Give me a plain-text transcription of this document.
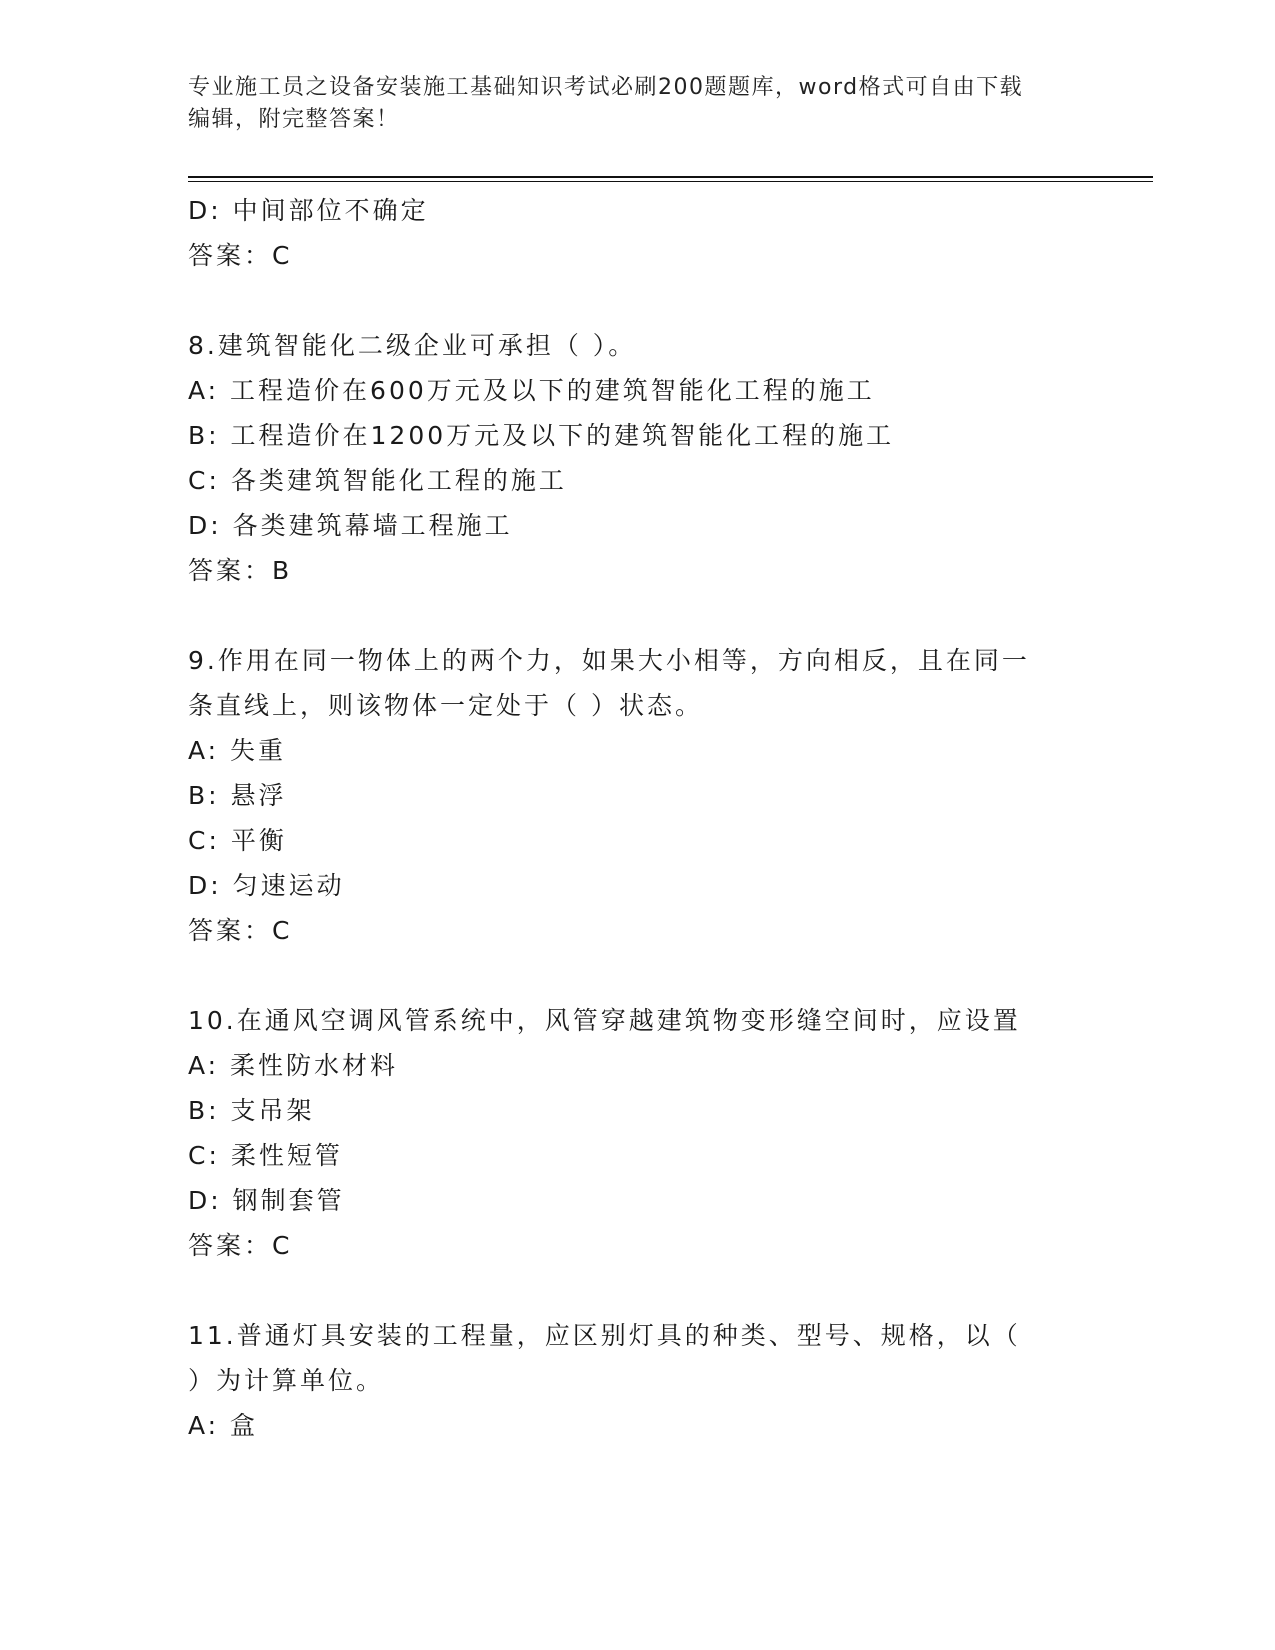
专业施工员之设备安装施工基础知识考试必刷200题题库，word格式可自由下载
编辑，附完整答案！
D: 中间部位不确定
答案：C
8.建筑智能化二级企业可承担（ ）。
A: 工程造价在600万元及以下的建筑智能化工程的施工
B: 工程造价在1200万元及以下的建筑智能化工程的施工
C: 各类建筑智能化工程的施工
D: 各类建筑幕墙工程施工
答案：B
9.作用在同一物体上的两个力，如果大小相等，方向相反，且在同一
条直线上，则该物体一定处于（ ）状态。
A: 失重
B: 悬浮
C: 平衡
D: 匀速运动
答案：C
10.在通风空调风管系统中，风管穿越建筑物变形缝空间时，应设置
A: 柔性防水材料
B: 支吊架
C: 柔性短管
D: 钢制套管
答案：C
11.普通灯具安装的工程量，应区别灯具的种类、型号、规格，以（
）为计算单位。
A: 盒
